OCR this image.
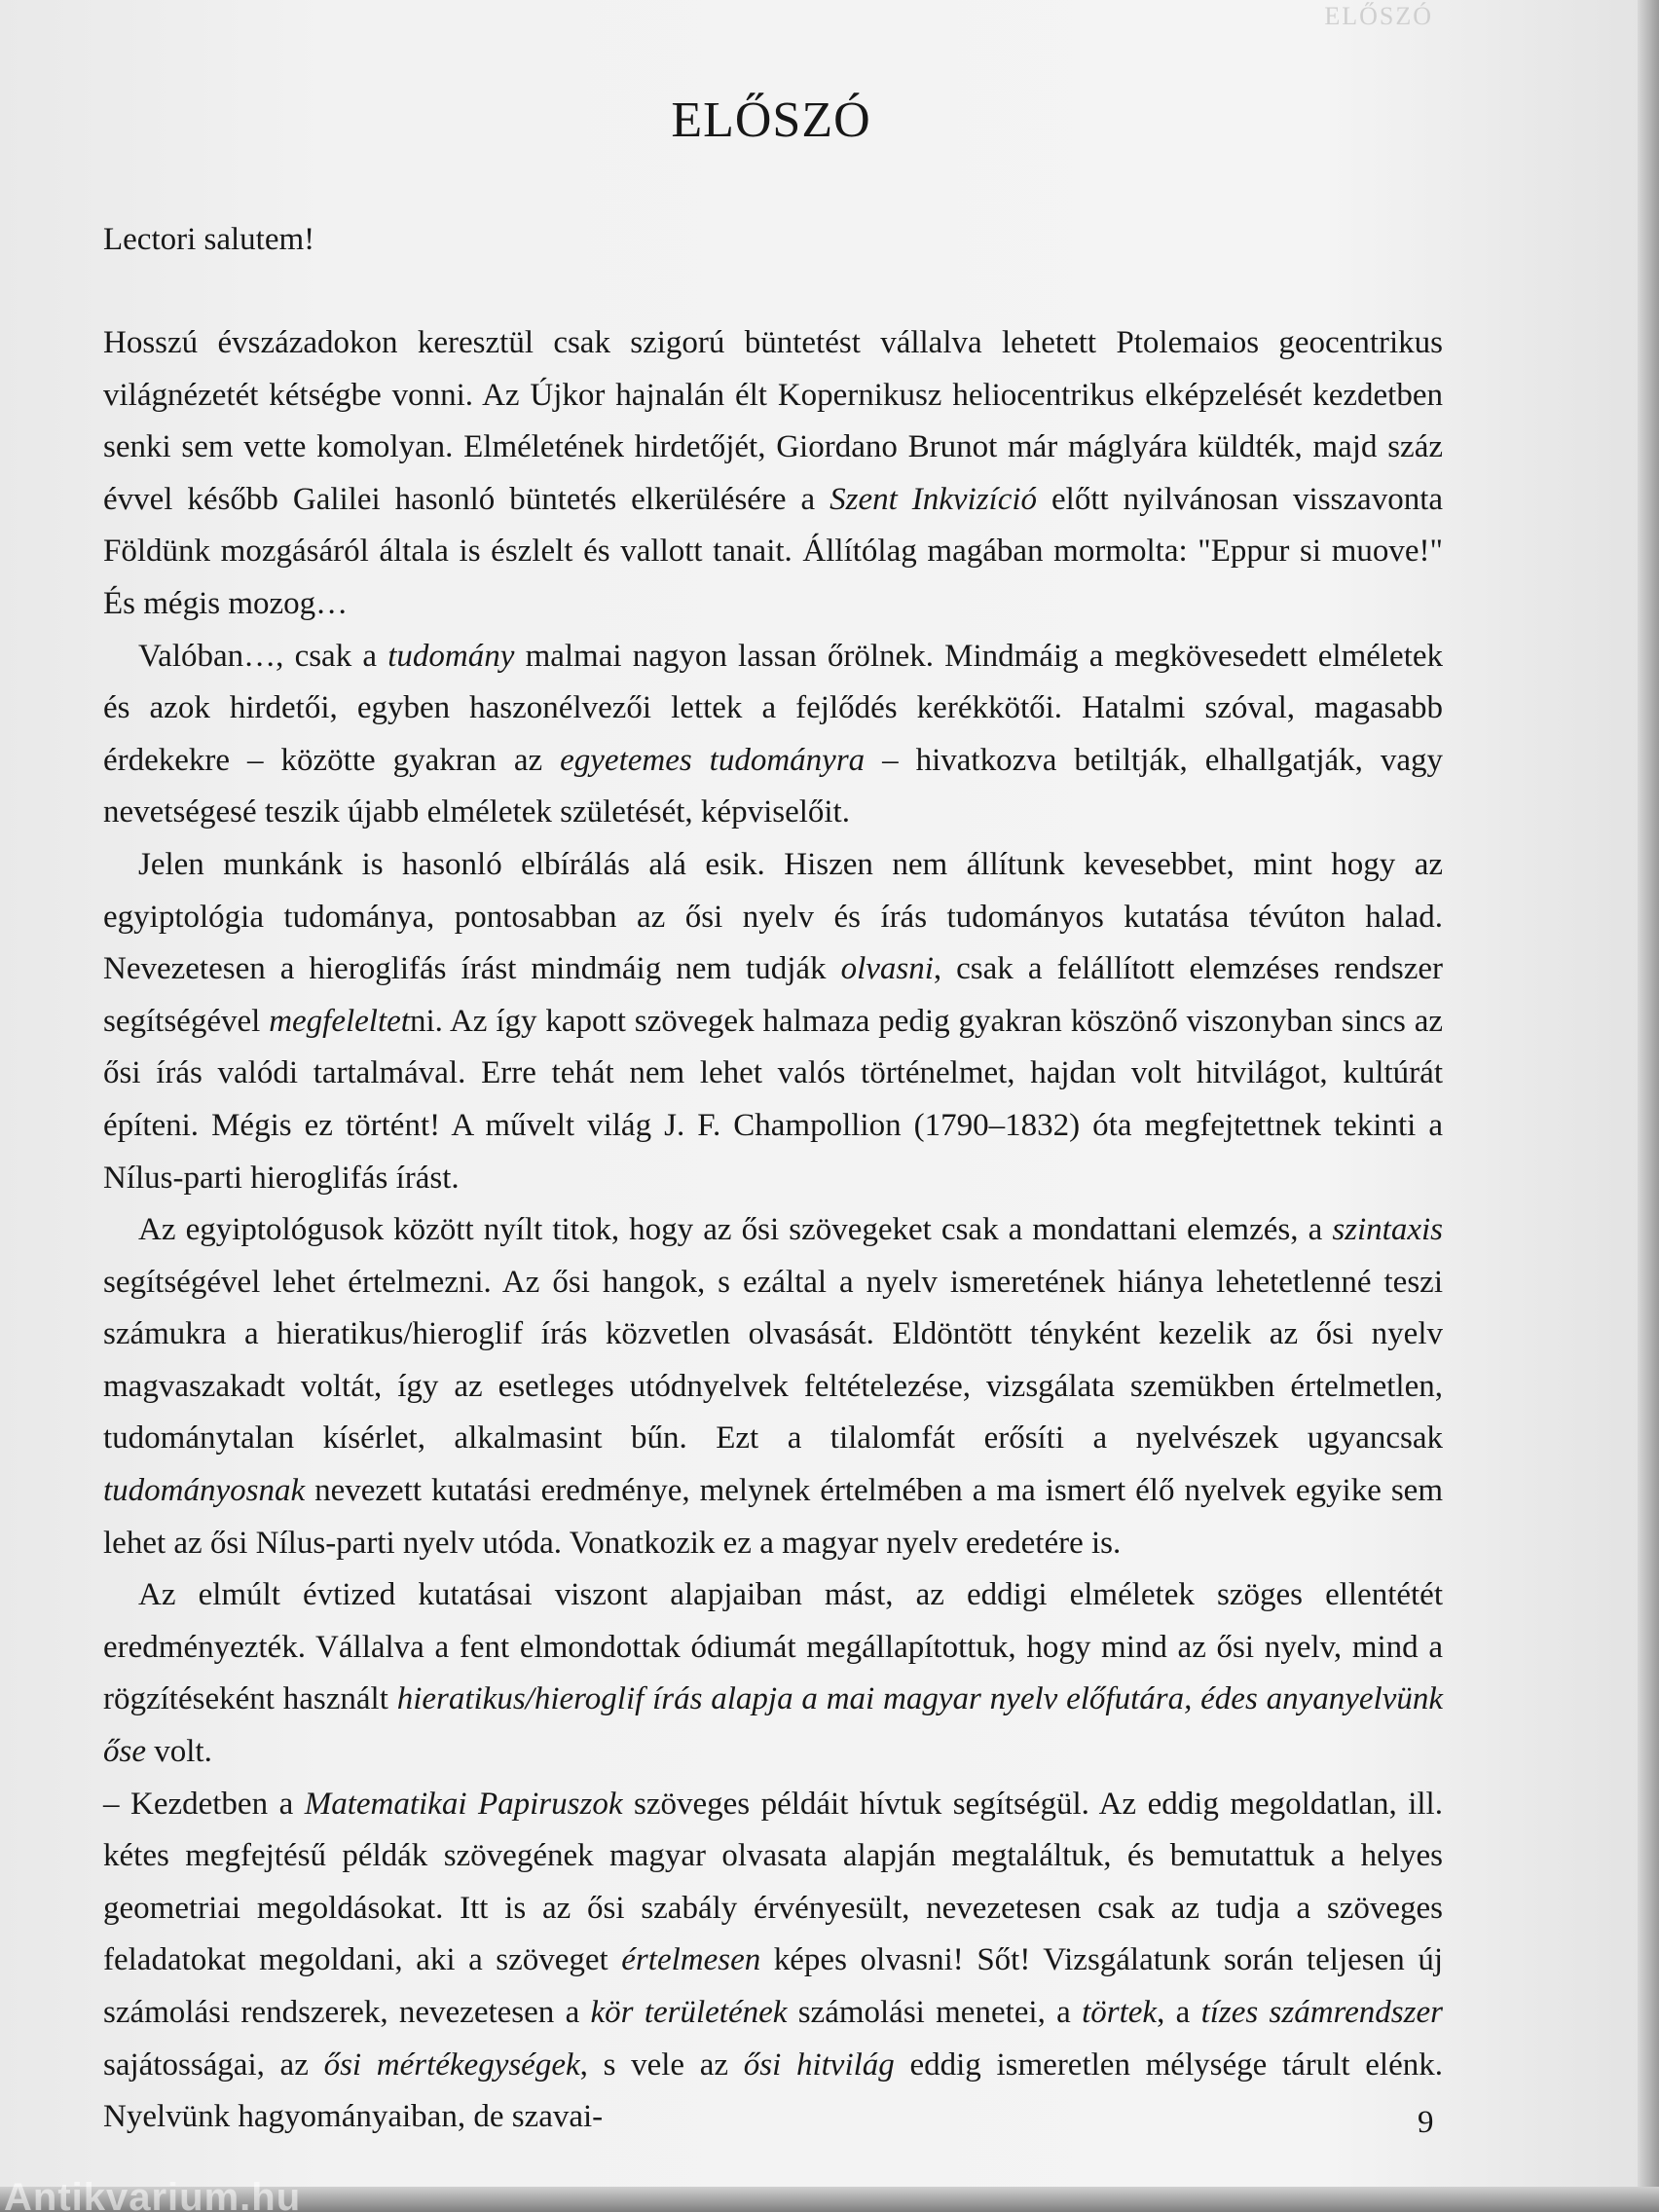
ELŐSZÓ
ELŐSZÓ

Lectori salutem!

Hosszú évszázadokon keresztül csak szigorú büntetést vállalva lehetett Ptolemaios geocentrikus világnézetét kétségbe vonni. Az Újkor hajnalán élt Kopernikusz heliocentrikus elképzelését kezdetben senki sem vette komolyan. Elméletének hirdetőjét, Giordano Brunot már máglyára küldték, majd száz évvel később Galilei hasonló büntetés elkerülésére a Szent Inkvizíció előtt nyilvánosan visszavonta Földünk mozgásáról általa is észlelt és vallott tanait. Állítólag magában mormolta: "Eppur si muove!" És mégis mozog…

Valóban…, csak a tudomány malmai nagyon lassan őrölnek. Mindmáig a megkövesedett elméletek és azok hirdetői, egyben haszonélvezői lettek a fejlődés kerékkötői. Hatalmi szóval, magasabb érdekekre – közötte gyakran az egyetemes tudományra – hivatkozva betiltják, elhallgatják, vagy nevetségesé teszik újabb elméletek születését, képviselőit.

Jelen munkánk is hasonló elbírálás alá esik. Hiszen nem állítunk kevesebbet, mint hogy az egyiptológia tudománya, pontosabban az ősi nyelv és írás tudományos kutatása tévúton halad. Nevezetesen a hieroglifás írást mindmáig nem tudják olvasni, csak a felállított elemzéses rendszer segítségével megfeleltetni. Az így kapott szövegek halmaza pedig gyakran köszönő viszonyban sincs az ősi írás valódi tartalmával. Erre tehát nem lehet valós történelmet, hajdan volt hitvilágot, kultúrát építeni. Mégis ez történt! A művelt világ J. F. Champollion (1790–1832) óta megfejtettnek tekinti a Nílus-parti hieroglifás írást.

Az egyiptológusok között nyílt titok, hogy az ősi szövegeket csak a mondattani elemzés, a szintaxis segítségével lehet értelmezni. Az ősi hangok, s ezáltal a nyelv ismeretének hiánya lehetetlenné teszi számukra a hieratikus/hieroglif írás közvetlen olvasását. Eldöntött tényként kezelik az ősi nyelv magvaszakadt voltát, így az esetleges utódnyelvek feltételezése, vizsgálata szemükben értelmetlen, tudománytalan kísérlet, alkalmasint bűn. Ezt a tilalomfát erősíti a nyelvészek ugyancsak tudományosnak nevezett kutatási eredménye, melynek értelmében a ma ismert élő nyelvek egyike sem lehet az ősi Nílus-parti nyelv utóda. Vonatkozik ez a magyar nyelv eredetére is.

Az elmúlt évtized kutatásai viszont alapjaiban mást, az eddigi elméletek szöges ellentétét eredményezték. Vállalva a fent elmondottak ódiumát megállapítottuk, hogy mind az ősi nyelv, mind a rögzítéseként használt hieratikus/hieroglif írás alapja a mai magyar nyelv előfutára, édes anyanyelvünk őse volt.

– Kezdetben a Matematikai Papiruszok szöveges példáit hívtuk segítségül. Az eddig megoldatlan, ill. kétes megfejtésű példák szövegének magyar olvasata alapján megtaláltuk, és bemutattuk a helyes geometriai megoldásokat. Itt is az ősi szabály érvényesült, nevezetesen csak az tudja a szöveges feladatokat megoldani, aki a szöveget értelmesen képes olvasni! Sőt! Vizsgálatunk során teljesen új számolási rendszerek, nevezetesen a kör területének számolási menetei, a törtek, a tízes számrendszer sajátosságai, az ősi mértékegységek, s vele az ősi hitvilág eddig ismeretlen mélysége tárult elénk. Nyelvünk hagyományaiban, de szavai-	9
Antikvarium.hu
